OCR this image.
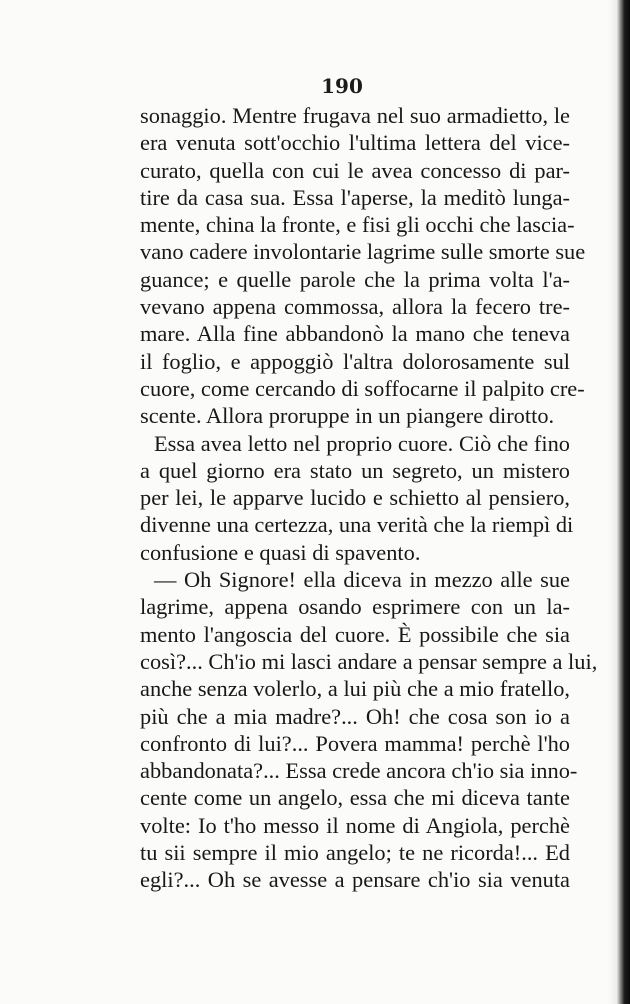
190
sonaggio. Mentre frugava nel suo armadietto, le
era venuta sott'occhio l'ultima lettera del vice-
curato, quella con cui le avea concesso di par-
tire da casa sua. Essa l'aperse, la meditò lunga-
mente, china la fronte, e fisi gli occhi che lascia-
vano cadere involontarie lagrime sulle smorte sue
guance; e quelle parole che la prima volta l'a-
vevano appena commossa, allora la fecero tre-
mare. Alla fine abbandonò la mano che teneva
il foglio, e appoggiò l'altra dolorosamente sul
cuore, come cercando di soffocarne il palpito cre-
scente. Allora proruppe in un piangere dirotto.
Essa avea letto nel proprio cuore. Ciò che fino
a quel giorno era stato un segreto, un mistero
per lei, le apparve lucido e schietto al pensiero,
divenne una certezza, una verità che la riempì di
confusione e quasi di spavento.
— Oh Signore! ella diceva in mezzo alle sue
lagrime, appena osando esprimere con un la-
mento l'angoscia del cuore. È possibile che sia
così?... Ch'io mi lasci andare a pensar sempre a lui,
anche senza volerlo, a lui più che a mio fratello,
più che a mia madre?... Oh! che cosa son io a
confronto di lui?... Povera mamma! perchè l'ho
abbandonata?... Essa crede ancora ch'io sia inno-
cente come un angelo, essa che mi diceva tante
volte: Io t'ho messo il nome di Angiola, perchè
tu sii sempre il mio angelo; te ne ricorda!... Ed
egli?... Oh se avesse a pensare ch'io sia venuta
